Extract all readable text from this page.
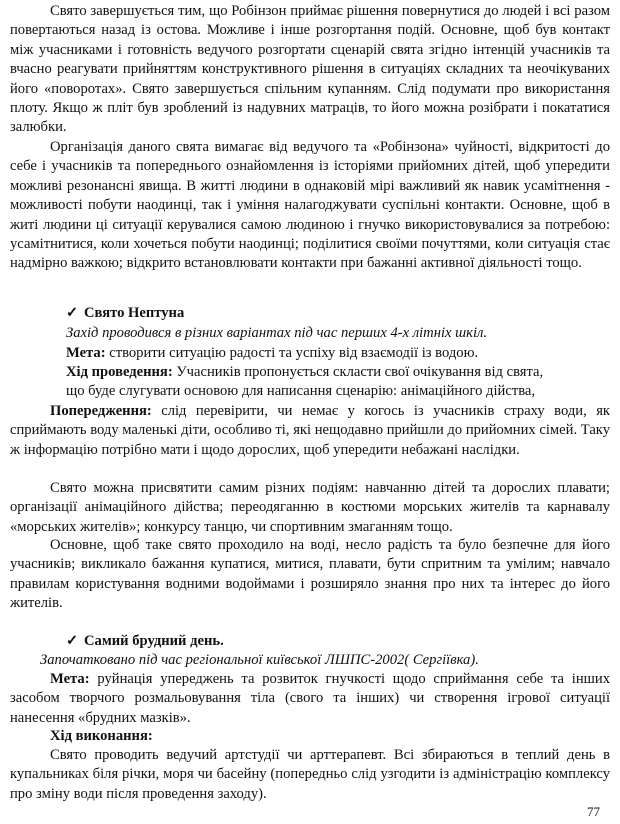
Свято завершується тим, що Робінзон приймає рішення повернутися до людей і всі разом повертаються назад із остова. Можливе і інше розгортання подій. Основне, щоб був контакт між учасниками і готовність ведучого розгортати сценарій свята згідно інтенцій учасників та вчасно реагувати прийняттям конструктивного рішення в ситуаціях складних та неочікуваних його «поворотах». Свято завершується спільним купанням. Слід подумати про використання плоту. Якщо ж пліт був зроблений із надувних матраців, то його можна розібрати і покататися залюбки.

Організація даного свята вимагає від ведучого та «Робінзона» чуйності, відкритості до себе і учасників та попереднього ознайомлення із історіями прийомних дітей, щоб упередити можливі резонансні явища. В житті людини в однаковій мірі важливий як навик усамітнення - можливості побути наодинці, так і уміння налагоджувати суспільні контакти. Основне, щоб в житі людини ці ситуації керувалися самою людиною і гнучко використовувалися за потребою: усамітнитися, коли хочеться побути наодинці; поділитися своїми почуттями, коли ситуація стає надмірно важкою; відкрито встановлювати контакти при бажанні активної діяльності тощо.

✓ Свято Нептуна
Захід проводився в різних варіантах під час перших 4-х літніх шкіл.
Мета: створити ситуацію радості та успіху від взаємодії із водою.
Хід проведення: Учасників пропонується скласти свої очікування від свята,
що буде слугувати основою для написання сценарію: анімаційного дійства,

Попередження: слід перевірити, чи немає у когось із учасників страху води, як сприймають воду маленькі діти, особливо ті, які нещодавно прийшли до прийомних сімей. Таку ж інформацію потрібно мати і щодо дорослих, щоб упередити небажані наслідки.

Свято можна присвятити самим різних подіям: навчанню дітей та дорослих плавати; організації анімаційного дійства; переодяганню в костюми морських жителів та карнавалу «морських жителів»; конкурсу танцю, чи спортивним змаганням тощо.

Основне, щоб таке свято проходило на воді, несло радість та було безпечне для його учасників; викликало бажання купатися, митися, плавати, бути спритним та умілим; навчало правилам користування водними водоймами і розширяло знання про них та інтерес до його жителів.

✓ Самий брудний день.
Започатковано під час регіональної київської ЛШПС-2002( Сергіївка).

Мета: руйнація упереджень та розвиток гнучкості щодо сприймання себе та інших засобом творчого розмальовування тіла (свого та інших) чи створення ігрової ситуації нанесення «брудних мазків».

Хід виконання:

Свято проводить ведучий артстудії чи арттерапевт. Всі збираються в теплий день в купальниках біля річки, моря чи басейну (попередньо слід узгодити із адміністрацію комплексу про зміну води після проведення заходу).

77
